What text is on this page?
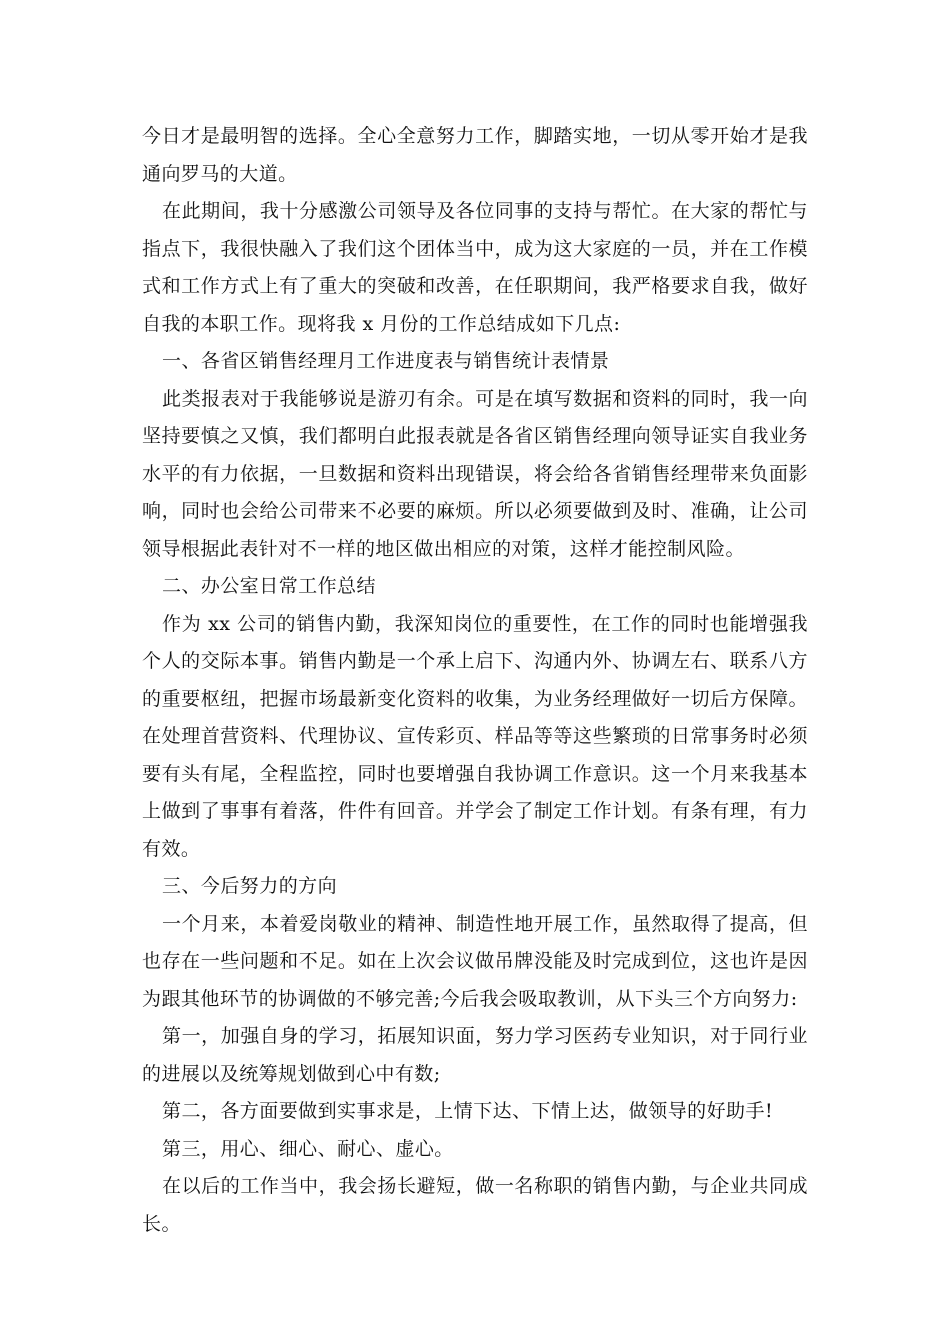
今日才是最明智的选择。全心全意努力工作，脚踏实地，一切从零开始才是我通向罗马的大道。

在此期间，我十分感激公司领导及各位同事的支持与帮忙。在大家的帮忙与指点下，我很快融入了我们这个团体当中，成为这大家庭的一员，并在工作模式和工作方式上有了重大的突破和改善，在任职期间，我严格要求自我，做好自我的本职工作。现将我 x 月份的工作总结成如下几点:

一、各省区销售经理月工作进度表与销售统计表情景

此类报表对于我能够说是游刃有余。可是在填写数据和资料的同时，我一向坚持要慎之又慎，我们都明白此报表就是各省区销售经理向领导证实自我业务水平的有力依据，一旦数据和资料出现错误，将会给各省销售经理带来负面影响，同时也会给公司带来不必要的麻烦。所以必须要做到及时、准确，让公司领导根据此表针对不一样的地区做出相应的对策，这样才能控制风险。

二、办公室日常工作总结

作为 xx 公司的销售内勤，我深知岗位的重要性，在工作的同时也能增强我个人的交际本事。销售内勤是一个承上启下、沟通内外、协调左右、联系八方的重要枢纽，把握市场最新变化资料的收集，为业务经理做好一切后方保障。在处理首营资料、代理协议、宣传彩页、样品等等这些繁琐的日常事务时必须要有头有尾，全程监控，同时也要增强自我协调工作意识。这一个月来我基本上做到了事事有着落，件件有回音。并学会了制定工作计划。有条有理，有力有效。

三、今后努力的方向

一个月来，本着爱岗敬业的精神、制造性地开展工作，虽然取得了提高，但也存在一些问题和不足。如在上次会议做吊牌没能及时完成到位，这也许是因为跟其他环节的协调做的不够完善;今后我会吸取教训，从下头三个方向努力:

第一，加强自身的学习，拓展知识面，努力学习医药专业知识，对于同行业的进展以及统筹规划做到心中有数;

第二，各方面要做到实事求是，上情下达、下情上达，做领导的好助手!

第三，用心、细心、耐心、虚心。

在以后的工作当中，我会扬长避短，做一名称职的销售内勤，与企业共同成长。
